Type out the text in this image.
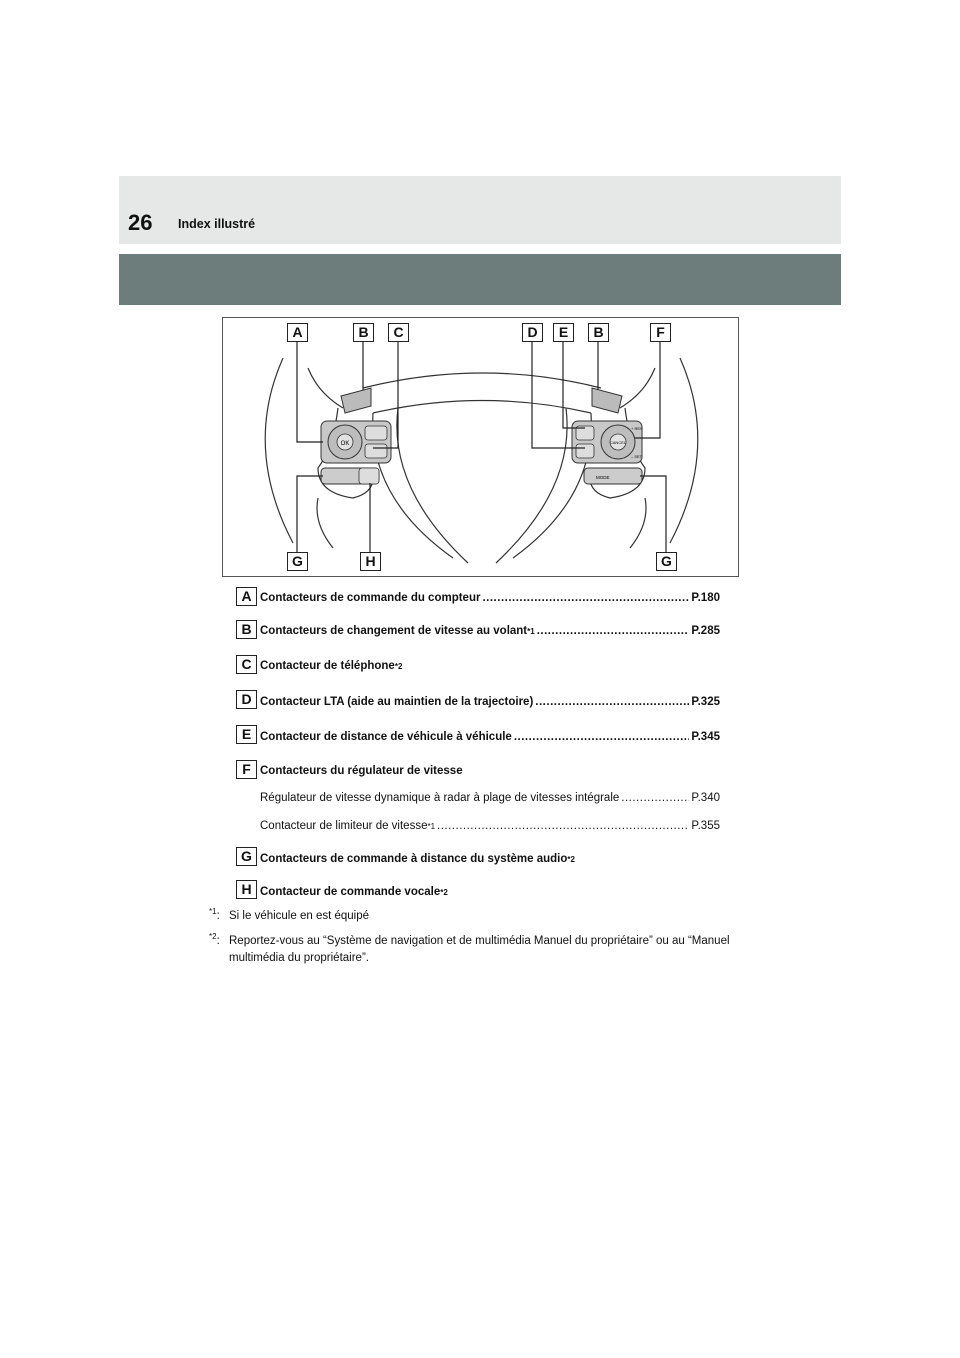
26 Index illustré
OK	CANCEL
+ RES
– SET
MODE
A	B	C	D	E	B	F
G	H	G
A Contacteurs de commande du compteur .....	P.180
B Contacteurs de changement de vitesse au volant *1 .....	P.285
C Contacteur de téléphone *2
D Contacteur LTA (aide au maintien de la trajectoire) .....	P.325
E Contacteur de distance de véhicule à véhicule .....	P.345
F Contacteurs du régulateur de vitesse
Régulateur de vitesse dynamique à radar à plage de vitesses intégrale .....	P.340
Contacteur de limiteur de vitesse *1 .....	P.355
G Contacteurs de commande à distance du système audio *2
H Contacteur de commande vocale *2
$^{*1}$: Si le véhicule en est équipé
$^{*2}$: Reportez-vous au “Système de navigation et de multimédia Manuel du propriétaire” ou au “Manuel multimédia du propriétaire”.
